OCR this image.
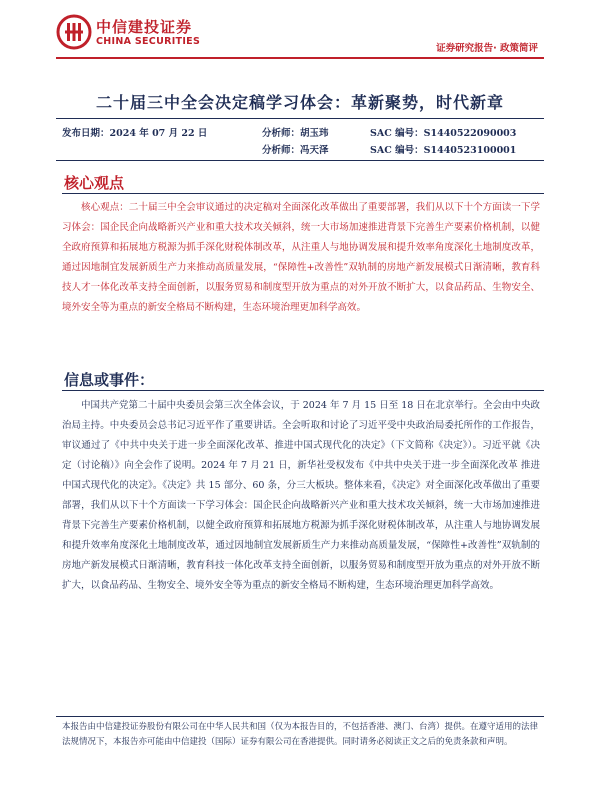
中信建投证券
CHINA SECURITIES
证券研究报告· 政策简评
二十届三中全会决定稿学习体会：革新聚势，时代新章
发布日期：2024 年 07 月 22 日	分析师：胡玉玮	SAC 编号：S1440522090003
分析师：冯天泽	SAC 编号：S1440523100001
核心观点

核心观点：二十届三中全会审议通过的决定稿对全面深化改革做出了重要部署，我们从以下十个方面读一下学习体会：国企民企向战略新兴产业和重大技术攻关倾斜，统一大市场加速推进背景下完善生产要素价格机制，以健全政府预算和拓展地方税源为抓手深化财税体制改革，从注重人与地协调发展和提升效率角度深化土地制度改革，通过因地制宜发展新质生产力来推动高质量发展，“保障性+改善性”双轨制的房地产新发展模式日渐清晰，教育科技人才一体化改革支持全面创新，以服务贸易和制度型开放为重点的对外开放不断扩大，以食品药品、生物安全、境外安全等为重点的新安全格局不断构建，生态环境治理更加科学高效。

信息或事件：

中国共产党第二十届中央委员会第三次全体会议，于 2024 年 7 月 15 日至 18 日在北京举行。全会由中央政治局主持。中央委员会总书记习近平作了重要讲话。全会听取和讨论了习近平受中央政治局委托所作的工作报告，审议通过了《中共中央关于进一步全面深化改革、推进中国式现代化的决定》（下文简称《决定》）。习近平就《决定（讨论稿）》向全会作了说明。2024 年 7 月 21 日，新华社受权发布《中共中央关于进一步全面深化改革 推进中国式现代化的决定》。《决定》共 15 部分、60 条，分三大板块。整体来看，《决定》对全面深化改革做出了重要部署，我们从以下十个方面读一下学习体会：国企民企向战略新兴产业和重大技术攻关倾斜，统一大市场加速推进背景下完善生产要素价格机制，以健全政府预算和拓展地方税源为抓手深化财税体制改革，从注重人与地协调发展和提升效率角度深化土地制度改革，通过因地制宜发展新质生产力来推动高质量发展，“保障性+改善性”双轨制的房地产新发展模式日渐清晰，教育科技一体化改革支持全面创新，以服务贸易和制度型开放为重点的对外开放不断扩大，以食品药品、生物安全、境外安全等为重点的新安全格局不断构建，生态环境治理更加科学高效。

本报告由中信建投证券股份有限公司在中华人民共和国（仅为本报告目的，不包括香港、澳门、台湾）提供。在遵守适用的法律法规情况下，本报告亦可能由中信建投（国际）证券有限公司在香港提供。同时请务必阅读正文之后的免责条款和声明。
